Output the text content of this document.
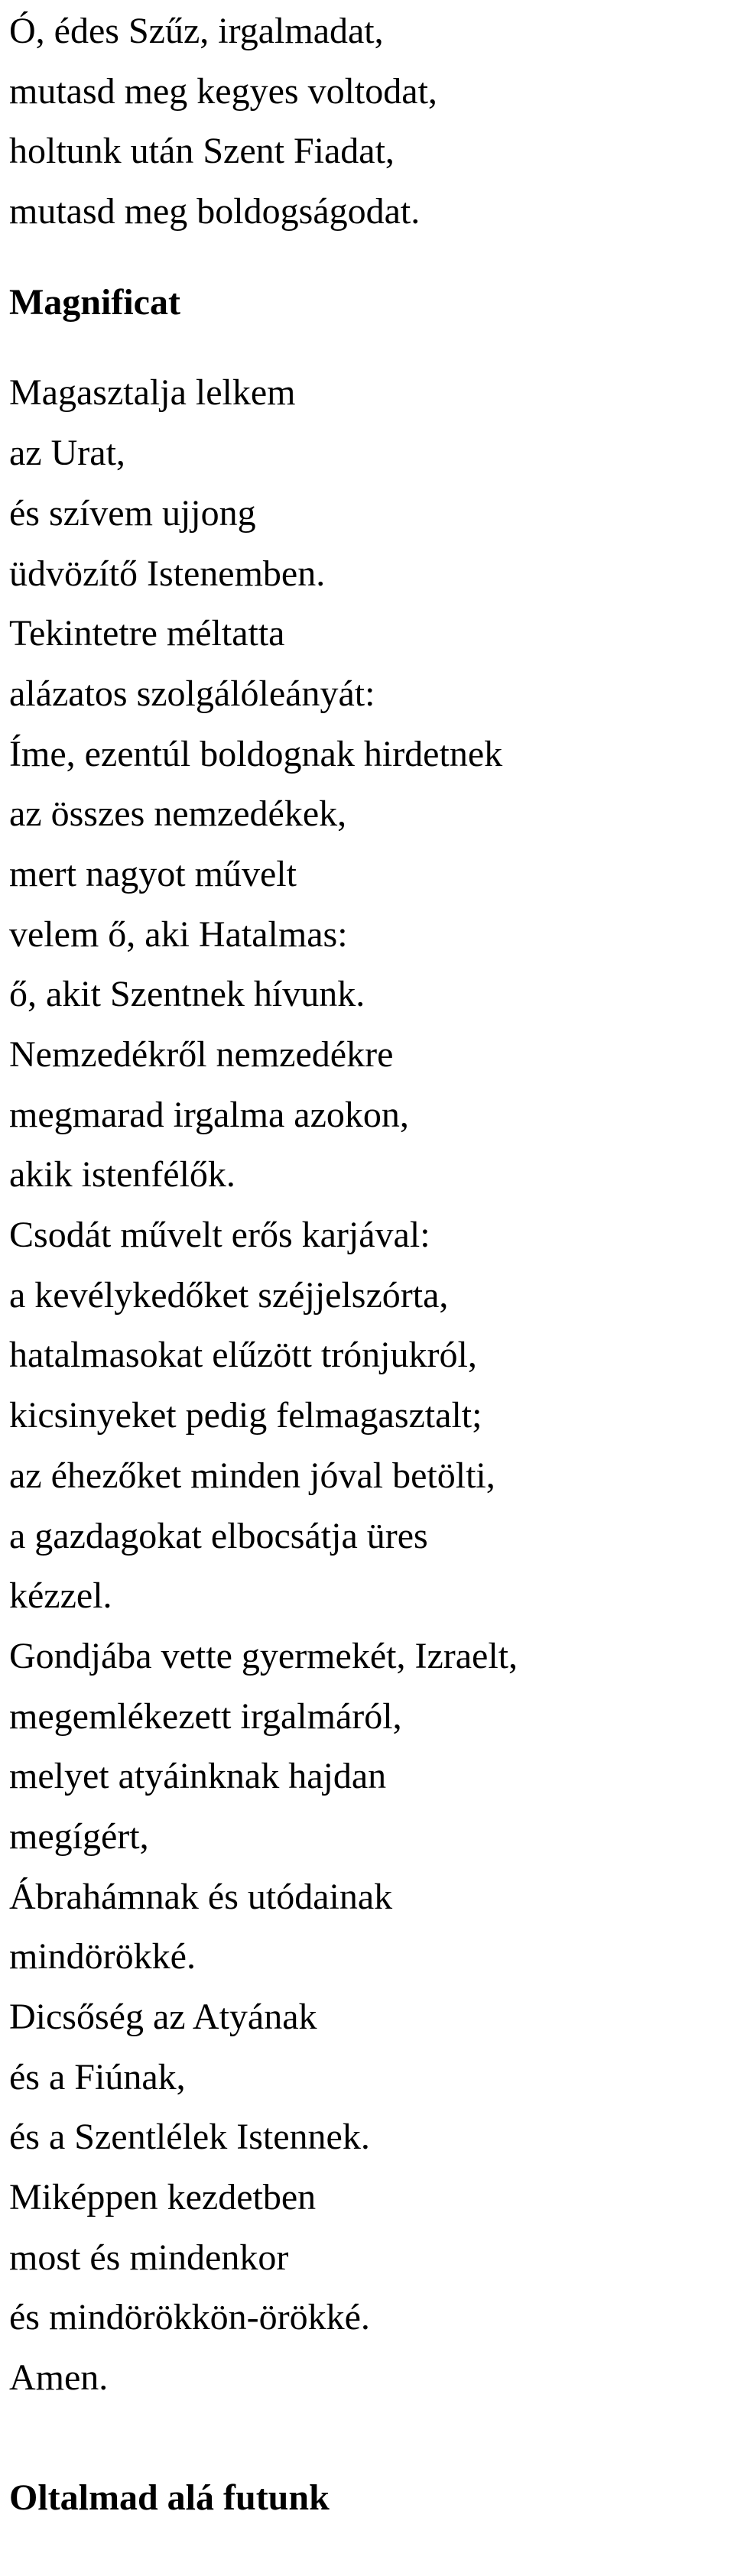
Ó, édes Szűz, irgalmadat,

mutasd meg kegyes voltodat,

holtunk után Szent Fiadat,

mutasd meg boldogságodat.

Magnificat

Magasztalja lelkem

az Urat,

és szívem ujjong

üdvözítő Istenemben.

Tekintetre méltatta

alázatos szolgálóleányát:

Íme, ezentúl boldognak hirdetnek

az összes nemzedékek,

mert nagyot művelt

velem ő, aki Hatalmas:

ő, akit Szentnek hívunk.

Nemzedékről nemzedékre

megmarad irgalma azokon,

akik istenfélők.

Csodát művelt erős karjával:

a kevélykedőket széjjelszórta,

hatalmasokat elűzött trónjukról,

kicsinyeket pedig felmagasztalt;

az éhezőket minden jóval betölti,

a gazdagokat elbocsátja üres

kézzel.

Gondjába vette gyermekét, Izraelt,

megemlékezett irgalmáról,

melyet atyáinknak hajdan

megígért,

Ábrahámnak és utódainak

mindörökké.

Dicsőség az Atyának

és a Fiúnak,

és a Szentlélek Istennek.

Miképpen kezdetben

most és mindenkor

és mindörökkön-örökké.

Amen.

Oltalmad alá futunk
